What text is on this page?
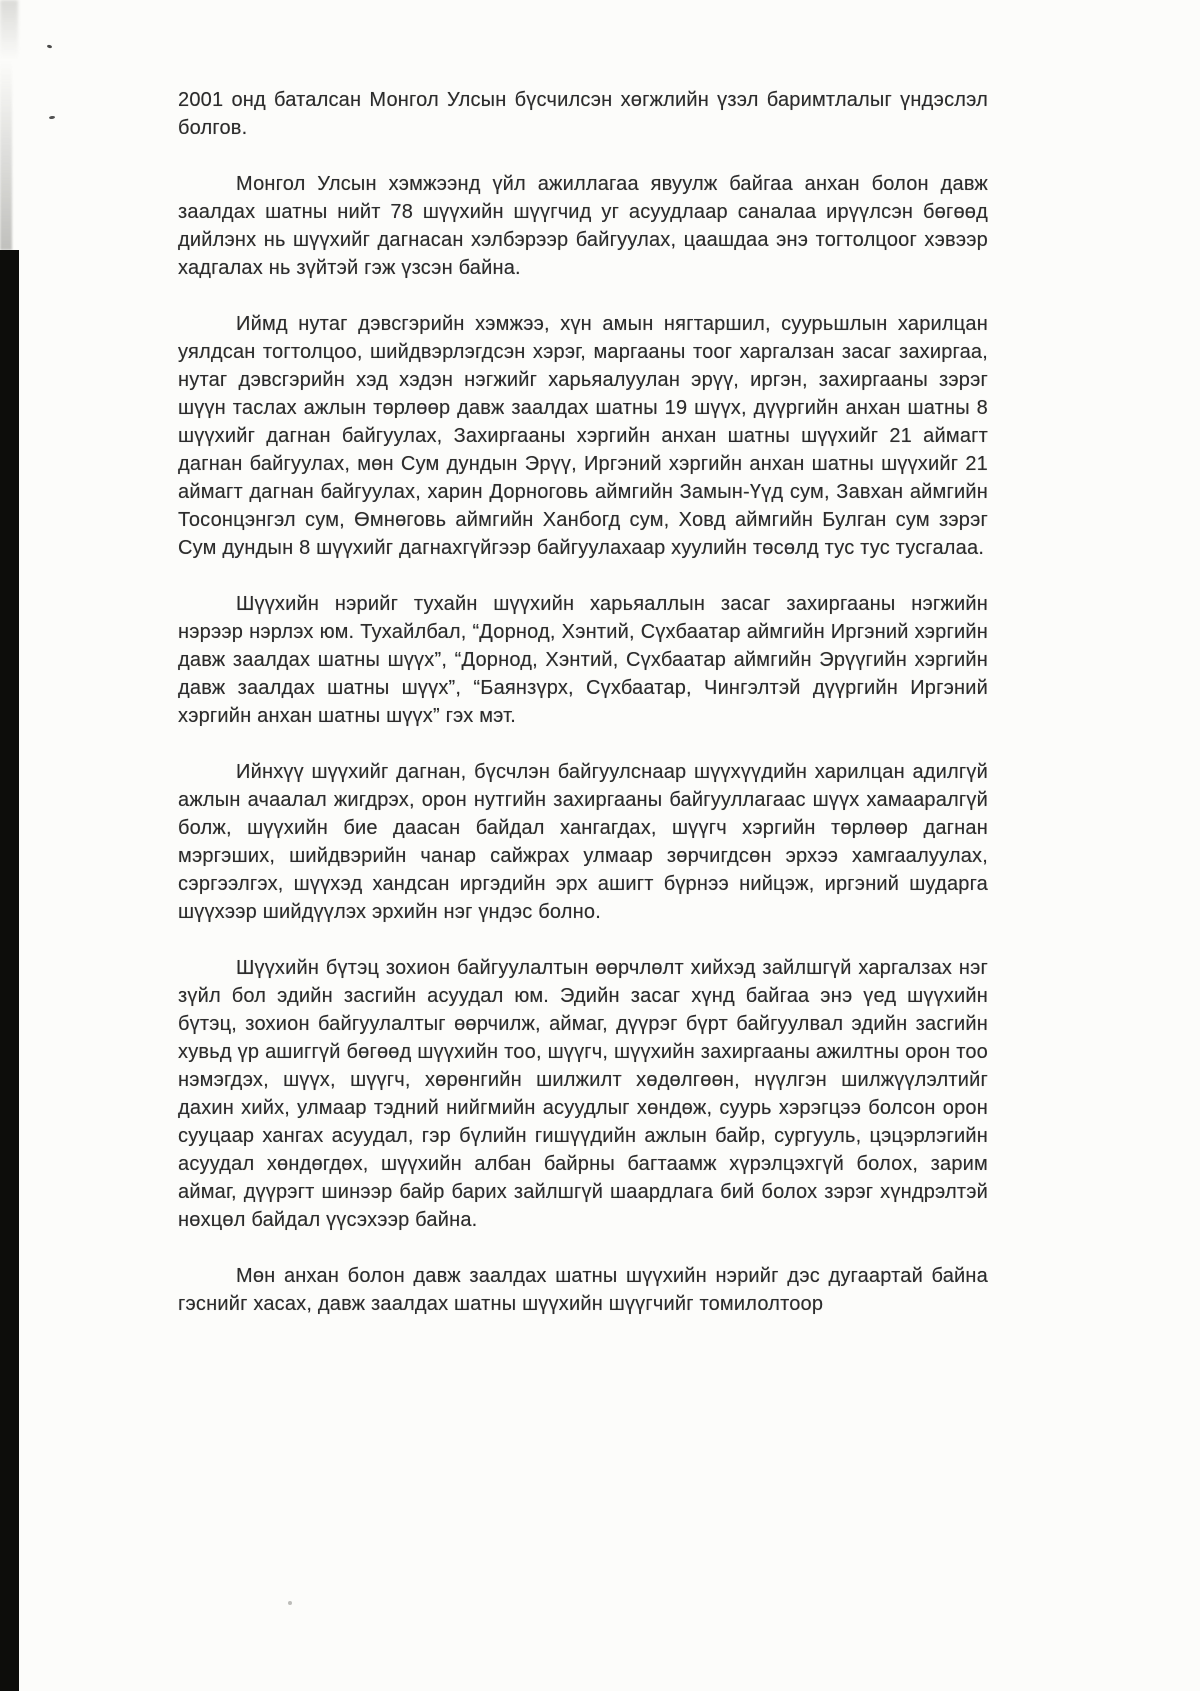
2001 онд баталсан Монгол Улсын бүсчилсэн хөгжлийн үзэл баримтлалыг үндэслэл болгов.

Монгол Улсын хэмжээнд үйл ажиллагаа явуулж байгаа анхан болон давж заалдах шатны нийт 78 шүүхийн шүүгчид уг асуудлаар саналаа ирүүлсэн бөгөөд дийлэнх нь шүүхийг дагнасан хэлбэрээр байгуулах, цаашдаа энэ тогтолцоог хэвээр хадгалах нь зүйтэй гэж үзсэн байна.

Иймд нутаг дэвсгэрийн хэмжээ, хүн амын нягтаршил, суурьшлын харилцан уялдсан тогтолцоо, шийдвэрлэгдсэн хэрэг, маргааны тоог харгалзан засаг захиргаа, нутаг дэвсгэрийн хэд хэдэн нэгжийг харьяалуулан эрүү, иргэн, захиргааны зэрэг шүүн таслах ажлын төрлөөр давж заалдах шатны 19 шүүх, дүүргийн анхан шатны 8 шүүхийг дагнан байгуулах, Захиргааны хэргийн анхан шатны шүүхийг 21 аймагт дагнан байгуулах, мөн Сум дундын Эрүү, Иргэний хэргийн анхан шатны шүүхийг 21 аймагт дагнан байгуулах, харин Дорноговь аймгийн Замын-Үүд сум, Завхан аймгийн Тосонцэнгэл сум, Өмнөговь аймгийн Ханбогд сум, Ховд аймгийн Булган сум зэрэг Сум дундын 8 шүүхийг дагнахгүйгээр байгуулахаар хуулийн төсөлд тус тус тусгалаа.

Шүүхийн нэрийг тухайн шүүхийн харьяаллын засаг захиргааны нэгжийн нэрээр нэрлэх юм. Тухайлбал, “Дорнод, Хэнтий, Сүхбаатар аймгийн Иргэний хэргийн давж заалдах шатны шүүх”, “Дорнод, Хэнтий, Сүхбаатар аймгийн Эрүүгийн хэргийн давж заалдах шатны шүүх”, “Баянзүрх, Сүхбаатар, Чингэлтэй дүүргийн Иргэний хэргийн анхан шатны шүүх” гэх мэт.

Ийнхүү шүүхийг дагнан, бүсчлэн байгуулснаар шүүхүүдийн харилцан адилгүй ажлын ачаалал жигдрэх, орон нутгийн захиргааны байгууллагаас шүүх хамааралгүй болж, шүүхийн бие даасан байдал хангагдах, шүүгч хэргийн төрлөөр дагнан мэргэших, шийдвэрийн чанар сайжрах улмаар зөрчигдсөн эрхээ хамгаалуулах, сэргээлгэх, шүүхэд хандсан иргэдийн эрх ашигт бүрнээ нийцэж, иргэний шударга шүүхээр шийдүүлэх эрхийн нэг үндэс болно.

Шүүхийн бүтэц зохион байгуулалтын өөрчлөлт хийхэд зайлшгүй харгалзах нэг зүйл бол эдийн засгийн асуудал юм. Эдийн засаг хүнд байгаа энэ үед шүүхийн бүтэц, зохион байгуулалтыг өөрчилж, аймаг, дүүрэг бүрт байгуулвал эдийн засгийн хувьд үр ашиггүй бөгөөд шүүхийн тоо, шүүгч, шүүхийн захиргааны ажилтны орон тоо нэмэгдэх, шүүх, шүүгч, хөрөнгийн шилжилт хөдөлгөөн, нүүлгэн шилжүүлэлтийг дахин хийх, улмаар тэдний нийгмийн асуудлыг хөндөж, суурь хэрэгцээ болсон орон сууцаар хангах асуудал, гэр бүлийн гишүүдийн ажлын байр, сургууль, цэцэрлэгийн асуудал хөндөгдөх, шүүхийн албан байрны багтаамж хүрэлцэхгүй болох, зарим аймаг, дүүрэгт шинээр байр барих зайлшгүй шаардлага бий болох зэрэг хүндрэлтэй нөхцөл байдал үүсэхээр байна.

Мөн анхан болон давж заалдах шатны шүүхийн нэрийг дэс дугаартай байна гэснийг хасах, давж заалдах шатны шүүхийн шүүгчийг томилолтоор
